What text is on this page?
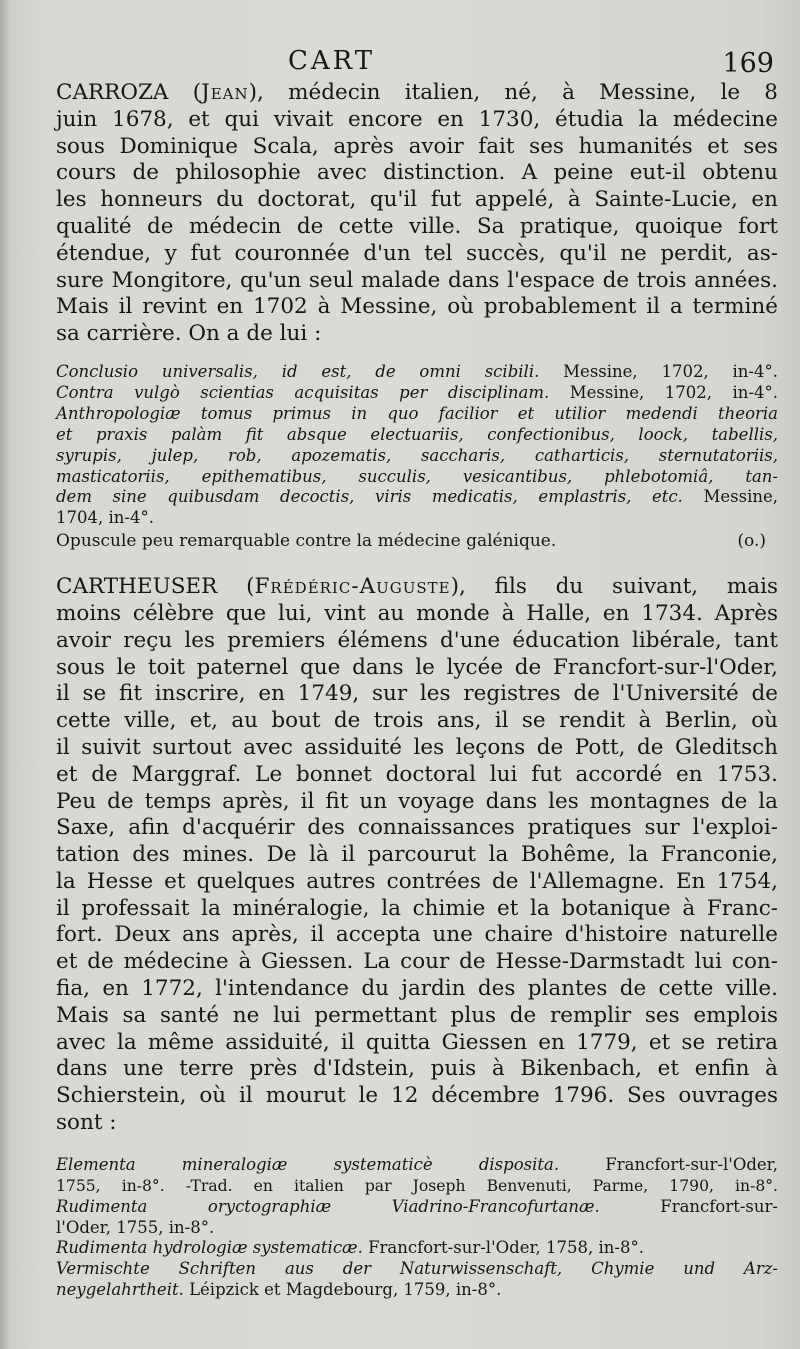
CART	169
CARROZA (Jean), médecin italien, né, à Messine, le 8
juin 1678, et qui vivait encore en 1730, étudia la médecine
sous Dominique Scala, après avoir fait ses humanités et ses
cours de philosophie avec distinction. A peine eut-il obtenu
les honneurs du doctorat, qu'il fut appelé, à Sainte-Lucie, en
qualité de médecin de cette ville. Sa pratique, quoique fort
étendue, y fut couronnée d'un tel succès, qu'il ne perdit, as-
sure Mongitore, qu'un seul malade dans l'espace de trois années.
Mais il revint en 1702 à Messine, où probablement il a terminé
sa carrière. On a de lui :
Conclusio universalis, id est, de omni scibili. Messine, 1702, in-4°.
Contra vulgò scientias acquisitas per disciplinam. Messine, 1702, in-4°.
Anthropologiæ tomus primus in quo facilior et utilior medendi theoria
et praxis palàm fit absque electuariis, confectionibus, loock, tabellis,
syrupis, julep, rob, apozematis, saccharis, catharticis, sternutatoriis,
masticatoriis, epithematibus, succulis, vesicantibus, phlebotomiâ, tan-
dem sine quibusdam decoctis, viris medicatis, emplastris, etc. Messine,
1704, in-4°.
Opuscule peu remarquable contre la médecine galénique.	(o.)
CARTHEUSER (Frédéric-Auguste), fils du suivant, mais
moins célèbre que lui, vint au monde à Halle, en 1734. Après
avoir reçu les premiers élémens d'une éducation libérale, tant
sous le toit paternel que dans le lycée de Francfort-sur-l'Oder,
il se fit inscrire, en 1749, sur les registres de l'Université de
cette ville, et, au bout de trois ans, il se rendit à Berlin, où
il suivit surtout avec assiduité les leçons de Pott, de Gleditsch
et de Marggraf. Le bonnet doctoral lui fut accordé en 1753.
Peu de temps après, il fit un voyage dans les montagnes de la
Saxe, afin d'acquérir des connaissances pratiques sur l'exploi-
tation des mines. De là il parcourut la Bohême, la Franconie,
la Hesse et quelques autres contrées de l'Allemagne. En 1754,
il professait la minéralogie, la chimie et la botanique à Franc-
fort. Deux ans après, il accepta une chaire d'histoire naturelle
et de médecine à Giessen. La cour de Hesse-Darmstadt lui con-
fia, en 1772, l'intendance du jardin des plantes de cette ville.
Mais sa santé ne lui permettant plus de remplir ses emplois
avec la même assiduité, il quitta Giessen en 1779, et se retira
dans une terre près d'Idstein, puis à Bikenbach, et enfin à
Schierstein, où il mourut le 12 décembre 1796. Ses ouvrages
sont :
Elementa mineralogiæ systematicè disposita. Francfort-sur-l'Oder,
1755, in-8°. -Trad. en italien par Joseph Benvenuti, Parme, 1790, in-8°.
Rudimenta oryctographiæ Viadrino-Francofurtanæ. Francfort-sur-
l'Oder, 1755, in-8°.
Rudimenta hydrologiæ systematicæ. Francfort-sur-l'Oder, 1758, in-8°.
Vermischte Schriften aus der Naturwissenschaft, Chymie und Arz-
neygelahrtheit. Léipzick et Magdebourg, 1759, in-8°.
